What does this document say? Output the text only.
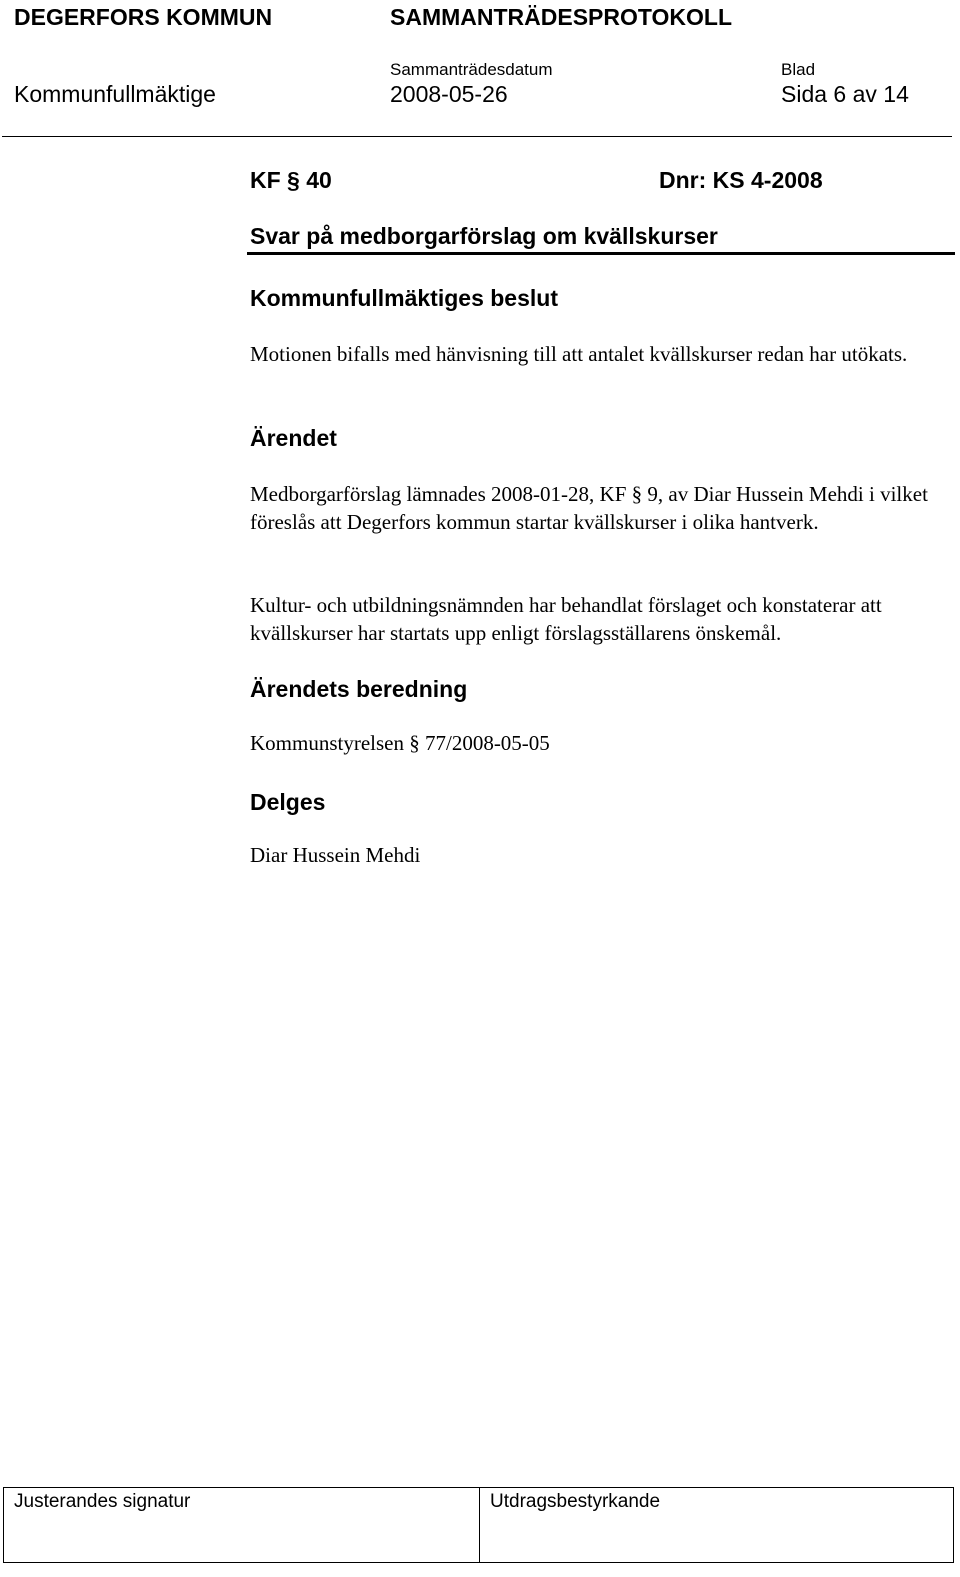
DEGERFORS KOMMUN	SAMMANTRÄDESPROTOKOLL
Sammanträdesdatum	Blad
Kommunfullmäktige	2008-05-26	Sida 6 av 14
KF § 40	Dnr: KS 4-2008
Svar på medborgarförslag om kvällskurser
Kommunfullmäktiges beslut
Motionen bifalls med hänvisning till att antalet kvällskurser redan har utökats.
Ärendet
Medborgarförslag lämnades 2008-01-28, KF § 9, av Diar Hussein Mehdi i vilket föreslås att Degerfors kommun startar kvällskurser i olika hantverk.
Kultur- och utbildningsnämnden har behandlat förslaget och konstaterar att kvällskurser har startats upp enligt förslagsställarens önskemål.
Ärendets beredning
Kommunstyrelsen § 77/2008-05-05
Delges
Diar Hussein Mehdi
Justerandes signatur	Utdragsbestyrkande
